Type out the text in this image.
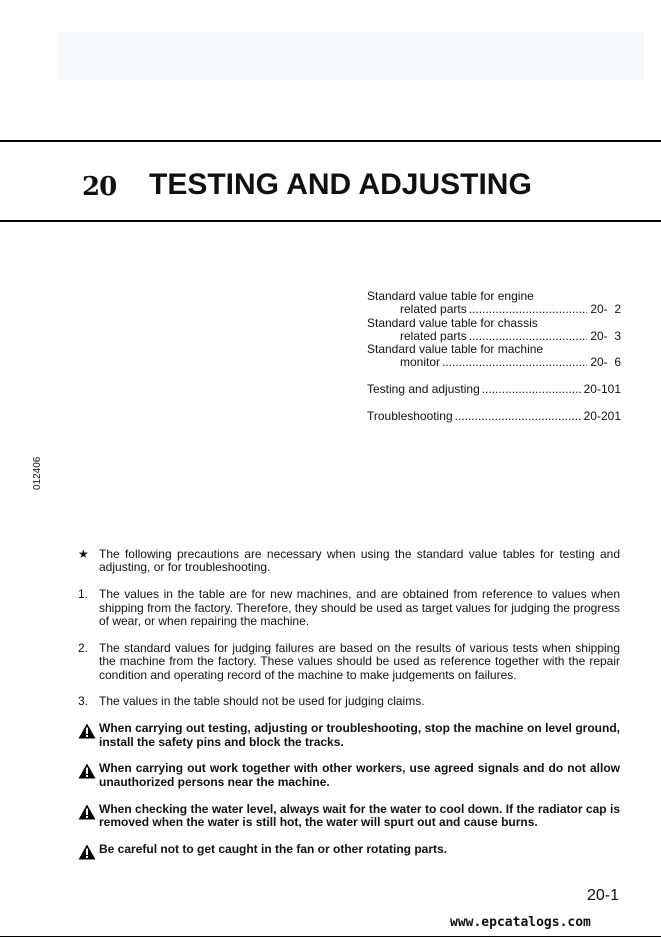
20 TESTING AND ADJUSTING
Standard value table for engine
related parts .....	20-  2
Standard value table for chassis
related parts .....	20-  3
Standard value table for machine
monitor .....	20-  6
Testing and adjusting .....	20-101
Troubleshooting .....	20-201
012406
★ The following precautions are necessary when using the standard value tables for testing and adjusting, or for troubleshooting.
1. The values in the table are for new machines, and are obtained from reference to values when shipping from the factory. Therefore, they should be used as target values for judging the progress of wear, or when repairing the machine.
2. The standard values for judging failures are based on the results of various tests when shipping the machine from the factory. These values should be used as reference together with the repair condition and operating record of the machine to make judgements on failures.
3. The values in the table should not be used for judging claims.
When carrying out testing, adjusting or troubleshooting, stop the machine on level ground, install the safety pins and block the tracks.
When carrying out work together with other workers, use agreed signals and do not allow unauthorized persons near the machine.
When checking the water level, always wait for the water to cool down. If the radiator cap is removed when the water is still hot, the water will spurt out and cause burns.
Be careful not to get caught in the fan or other rotating parts.
20-1
www.epcatalogs.com
